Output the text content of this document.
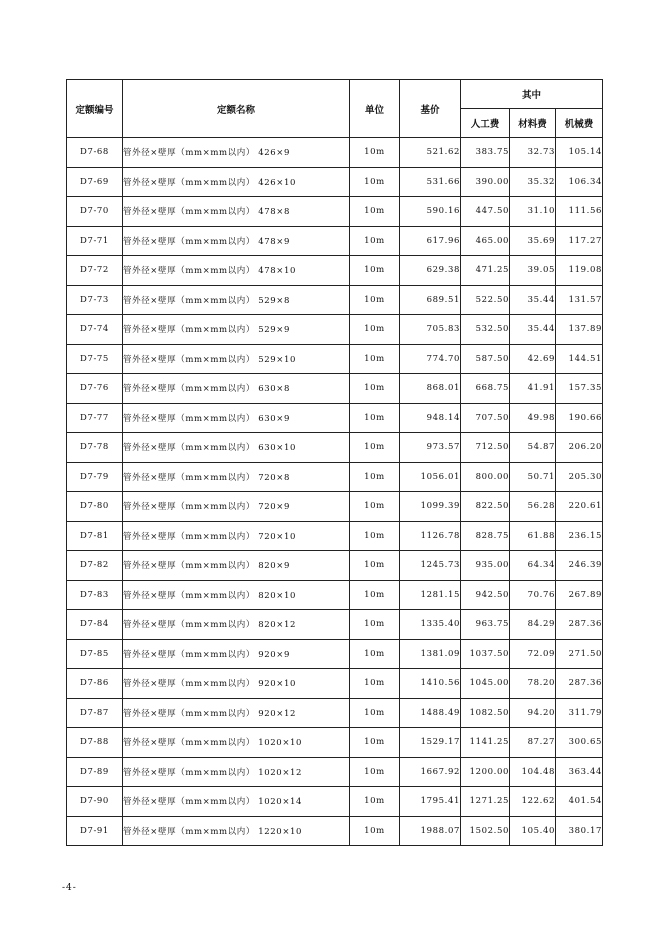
定额编号	定额名称	单位	基价	其中		
				人工费	材料费	机械费
D7-68	管外径×壁厚（mm×mm以内） 426×9	10m	521.62	383.75	32.73	105.14
D7-69	管外径×壁厚（mm×mm以内） 426×10	10m	531.66	390.00	35.32	106.34
D7-70	管外径×壁厚（mm×mm以内） 478×8	10m	590.16	447.50	31.10	111.56
D7-71	管外径×壁厚（mm×mm以内） 478×9	10m	617.96	465.00	35.69	117.27
D7-72	管外径×壁厚（mm×mm以内） 478×10	10m	629.38	471.25	39.05	119.08
D7-73	管外径×壁厚（mm×mm以内） 529×8	10m	689.51	522.50	35.44	131.57
D7-74	管外径×壁厚（mm×mm以内） 529×9	10m	705.83	532.50	35.44	137.89
D7-75	管外径×壁厚（mm×mm以内） 529×10	10m	774.70	587.50	42.69	144.51
D7-76	管外径×壁厚（mm×mm以内） 630×8	10m	868.01	668.75	41.91	157.35
D7-77	管外径×壁厚（mm×mm以内） 630×9	10m	948.14	707.50	49.98	190.66
D7-78	管外径×壁厚（mm×mm以内） 630×10	10m	973.57	712.50	54.87	206.20
D7-79	管外径×壁厚（mm×mm以内） 720×8	10m	1056.01	800.00	50.71	205.30
D7-80	管外径×壁厚（mm×mm以内） 720×9	10m	1099.39	822.50	56.28	220.61
D7-81	管外径×壁厚（mm×mm以内） 720×10	10m	1126.78	828.75	61.88	236.15
D7-82	管外径×壁厚（mm×mm以内） 820×9	10m	1245.73	935.00	64.34	246.39
D7-83	管外径×壁厚（mm×mm以内） 820×10	10m	1281.15	942.50	70.76	267.89
D7-84	管外径×壁厚（mm×mm以内） 820×12	10m	1335.40	963.75	84.29	287.36
D7-85	管外径×壁厚（mm×mm以内） 920×9	10m	1381.09	1037.50	72.09	271.50
D7-86	管外径×壁厚（mm×mm以内） 920×10	10m	1410.56	1045.00	78.20	287.36
D7-87	管外径×壁厚（mm×mm以内） 920×12	10m	1488.49	1082.50	94.20	311.79
D7-88	管外径×壁厚（mm×mm以内） 1020×10	10m	1529.17	1141.25	87.27	300.65
D7-89	管外径×壁厚（mm×mm以内） 1020×12	10m	1667.92	1200.00	104.48	363.44
D7-90	管外径×壁厚（mm×mm以内） 1020×14	10m	1795.41	1271.25	122.62	401.54
D7-91	管外径×壁厚（mm×mm以内） 1220×10	10m	1988.07	1502.50	105.40	380.17
-4-
